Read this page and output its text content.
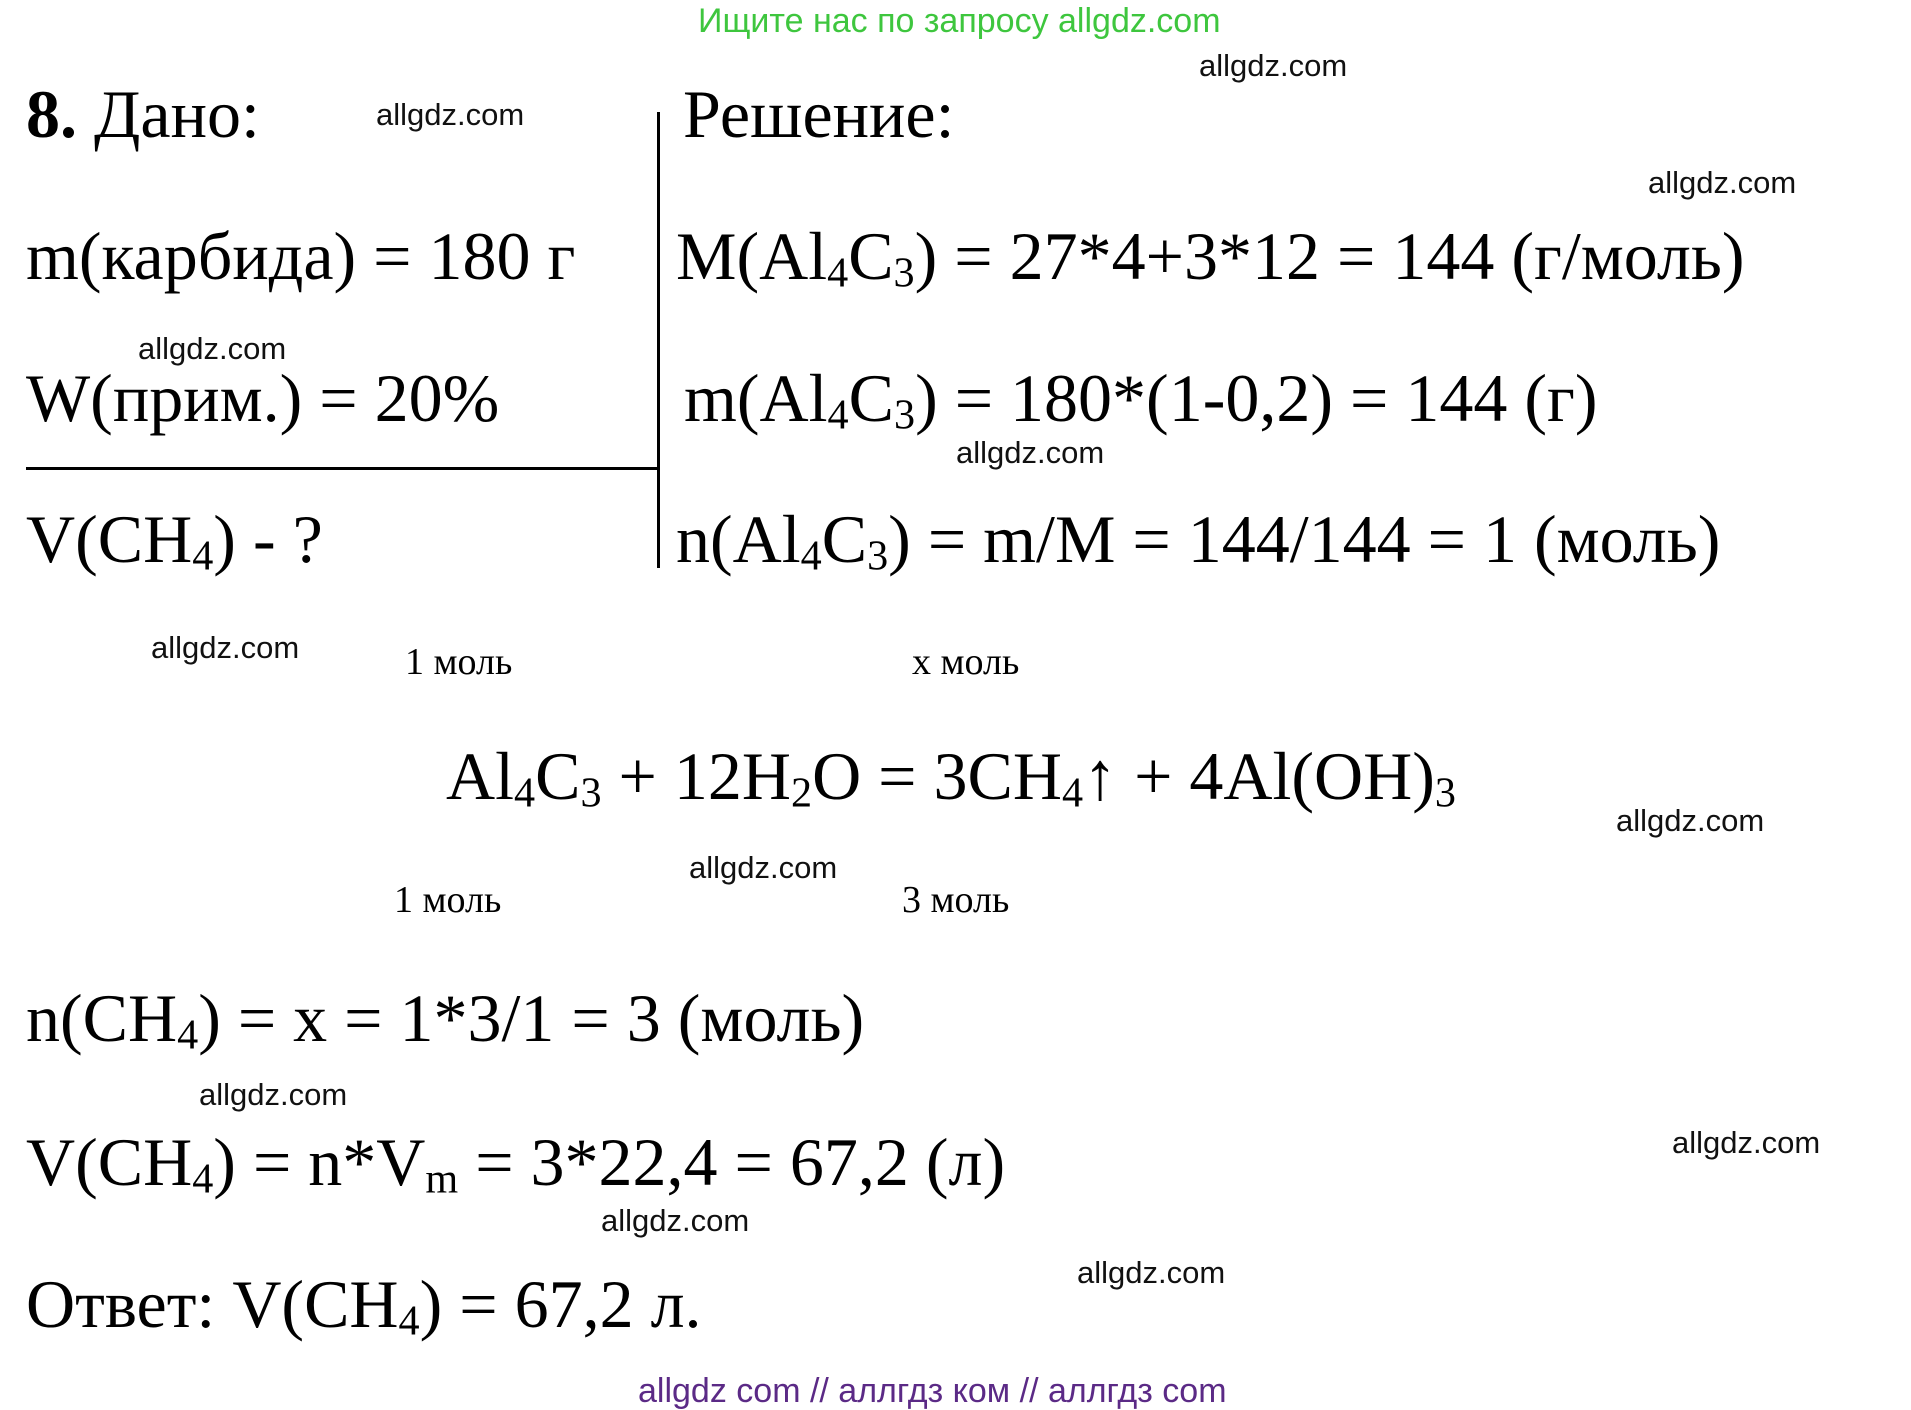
Ищите нас по запросу allgdz.com
allgdz com // аллгдз ком // аллгдз com
allgdz.com
allgdz.com
allgdz.com
allgdz.com
allgdz.com
allgdz.com
allgdz.com
allgdz.com
allgdz.com
allgdz.com
allgdz.com
allgdz.com
8. Дано:
m(карбида) = 180 г
W(прим.) = 20%
$V(CH_4)$ - ?
Решение:
$M(Al_4C_3) = 27*4+3*12 = 144$ (г/моль)
$m(Al_4C_3) = 180*(1-0,2) = 144$ (г)
$n(Al_4C_3) = m/M = 144/144 = 1$ (моль)
1 моль	х моль
$Al_4C_3 + 12H_2O$ = $3CH_4↑ + 4Al(OH)_3$
1 моль	3 моль
$n(CH_4) = x = 1*3/1 = 3$ (моль)
$V(CH_4) = n*V_m = 3*22,4 = 67,2$ (л)
Ответ: $V(CH_4) = 67,2$ л.
